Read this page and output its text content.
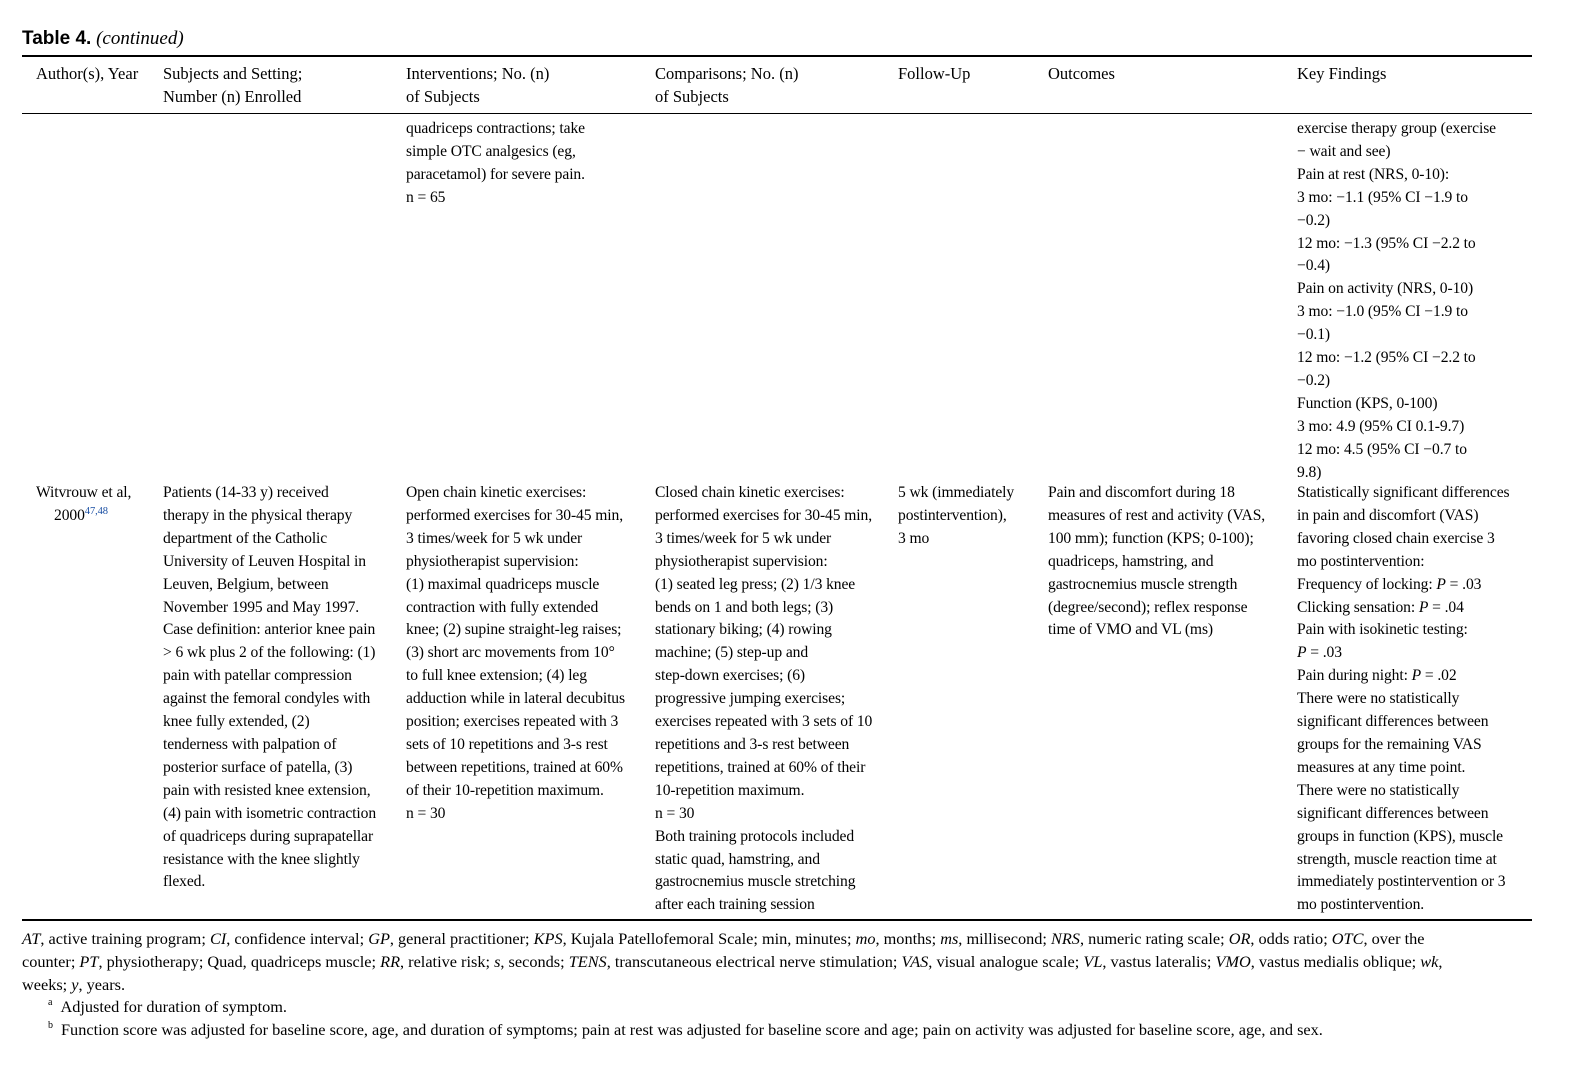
Table 4. (continued)
Author(s), Year Subjects and Setting;
Number (n) Enrolled
Interventions; No. (n)
of Subjects
Comparisons; No. (n)
of Subjects
Follow-Up	Outcomes	Key Findings
quadriceps contractions; take
simple OTC analgesics (eg,
paracetamol) for severe pain.
n = 65
exercise therapy group (exercise
− wait and see)
Pain at rest (NRS, 0-10):
3 mo: −1.1 (95% CI −1.9 to
−0.2)
12 mo: −1.3 (95% CI −2.2 to
−0.4)
Pain on activity (NRS, 0-10)
3 mo: −1.0 (95% CI −1.9 to
−0.1)
12 mo: −1.2 (95% CI −2.2 to
−0.2)
Function (KPS, 0-100)
3 mo: 4.9 (95% CI 0.1-9.7)
12 mo: 4.5 (95% CI −0.7 to
9.8)
Witvrouw et al,
2000$^{47,48}$
Patients (14-33 y) received
therapy in the physical therapy
department of the Catholic
University of Leuven Hospital in
Leuven, Belgium, between
November 1995 and May 1997.
Case definition: anterior knee pain
> 6 wk plus 2 of the following: (1)
pain with patellar compression
against the femoral condyles with
knee fully extended, (2)
tenderness with palpation of
posterior surface of patella, (3)
pain with resisted knee extension,
(4) pain with isometric contraction
of quadriceps during suprapatellar
resistance with the knee slightly
flexed.
Open chain kinetic exercises:
performed exercises for 30-45 min,
3 times/week for 5 wk under
physiotherapist supervision:
(1) maximal quadriceps muscle
contraction with fully extended
knee; (2) supine straight-leg raises;
(3) short arc movements from 10°
to full knee extension; (4) leg
adduction while in lateral decubitus
position; exercises repeated with 3
sets of 10 repetitions and 3-s rest
between repetitions, trained at 60%
of their 10-repetition maximum.
n = 30
Closed chain kinetic exercises:
performed exercises for 30-45 min,
3 times/week for 5 wk under
physiotherapist supervision:
(1) seated leg press; (2) 1/3 knee
bends on 1 and both legs; (3)
stationary biking; (4) rowing
machine; (5) step-up and
step-down exercises; (6)
progressive jumping exercises;
exercises repeated with 3 sets of 10
repetitions and 3-s rest between
repetitions, trained at 60% of their
10-repetition maximum.
n = 30
Both training protocols included
static quad, hamstring, and
gastrocnemius muscle stretching
after each training session
5 wk (immediately
postintervention),
3 mo
Pain and discomfort during 18
measures of rest and activity (VAS,
100 mm); function (KPS; 0-100);
quadriceps, hamstring, and
gastrocnemius muscle strength
(degree/second); reflex response
time of VMO and VL (ms)
Statistically significant differences
in pain and discomfort (VAS)
favoring closed chain exercise 3
mo postintervention:
Frequency of locking: P = .03
Clicking sensation: P = .04
Pain with isokinetic testing:
P = .03
Pain during night: P = .02
There were no statistically
significant differences between
groups for the remaining VAS
measures at any time point.
There were no statistically
significant differences between
groups in function (KPS), muscle
strength, muscle reaction time at
immediately postintervention or 3
mo postintervention.
AT, active training program; CI, confidence interval; GP, general practitioner; KPS, Kujala Patellofemoral Scale; min, minutes; mo, months; ms, millisecond; NRS, numeric rating scale; OR, odds ratio; OTC, over the
counter; PT, physiotherapy; Quad, quadriceps muscle; RR, relative risk; s, seconds; TENS, transcutaneous electrical nerve stimulation; VAS, visual analogue scale; VL, vastus lateralis; VMO, vastus medialis oblique; wk,
weeks; y, years.
$^a$ Adjusted for duration of symptom.
$^b$ Function score was adjusted for baseline score, age, and duration of symptoms; pain at rest was adjusted for baseline score and age; pain on activity was adjusted for baseline score, age, and sex.
